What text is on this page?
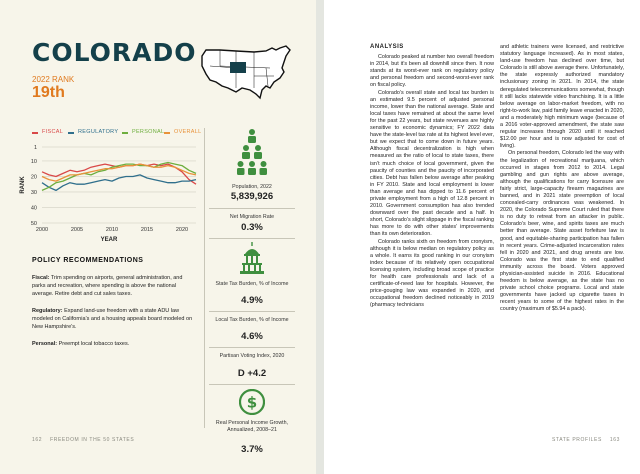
COLORADO
2022 RANK
19th
FISCAL	REGULATORY PERSONAL OVERALL
1
10
20
30
40
50
2000	2005	2010	2015	2020
YEAR
RANK
POLICY RECOMMENDATIONS
Fiscal: Trim spending on airports, general administration, and parks and recreation, where spending is above the national average. Retire debt and cut sales taxes.
Regulatory: Expand land-use freedom with a state ADU law modeled on California’s and a housing appeals board modeled on New Hampshire’s.
Personal: Preempt local tobacco taxes.
Population, 2022
5,839,926
Net Migration Rate
0.3%
State Tax Burden, % of Income
4.9%
Local Tax Burden, % of Income
4.6%
Partisan Voting Index, 2020
D +4.2
$
Real Personal Income Growth, Annualized, 2008–21
3.7%
162 FREEDOM IN THE 50 STATES
ANALYSIS

Colorado peaked at number two overall freedom in 2014, but it’s been all downhill since then. It now stands at its worst-ever rank on regulatory policy and personal freedom and second-worst-ever rank on fiscal policy.

Colorado’s overall state and local tax burden is an estimated 9.5 percent of adjusted personal income, lower than the national average. State and local taxes have remained at about the same level for the past 22 years, but state revenues are highly sensitive to economic dynamics; FY 2022 data have the state-level tax rate at its highest level ever, but we expect that to come down in future years. Although fiscal decentralization is high when measured as the ratio of local to state taxes, there isn’t much choice of local government, given the paucity of counties and the paucity of incorporated cities. Debt has fallen below average after peaking in FY 2010. State and local employment is lower than average and has dipped to 11.6 percent of private employment from a high of 12.8 percent in 2010. Government consumption has also trended downward over the past decade and a half. In short, Colorado’s slight slippage in the fiscal ranking has more to do with other states’ improvements than its own deterioration.

Colorado ranks sixth on freedom from cronyism, although it is below median on regulatory policy as a whole. It earns its good ranking in our cronyism index because of its relatively open occupational licensing system, including broad scope of practice for health care professionals and lack of a certificate-of-need law for hospitals. However, the price-gouging law was expanded in 2020, and occupational freedom declined noticeably in 2019 (pharmacy technicians

and athletic trainers were licensed, and restrictive statutory language increased). As in most states, land-use freedom has declined over time, but Colorado is still above average there. Unfortunately, the state expressly authorized mandatory inclusionary zoning in 2021. In 2014, the state deregulated telecommunications somewhat, though it still lacks statewide video franchising. It is a little below average on labor-market freedom, with no right-to-work law, paid family leave enacted in 2020, and a moderately high minimum wage (because of a 2016 voter-approved amendment, the state saw regular increases through 2020 until it reached $12.00 per hour and is now adjusted for cost of living).

On personal freedom, Colorado led the way with the legalization of recreational marijuana, which occurred in stages from 2012 to 2014. Legal gambling and gun rights are above average, although the qualifications for carry licensure are fairly strict, large-capacity firearm magazines are banned, and in 2021 state preemption of local concealed-carry ordinances was weakened. In 2020, the Colorado Supreme Court ruled that there is no duty to retreat from an attacker in public. Colorado’s beer, wine, and spirits taxes are much better than average. State asset forfeiture law is good, and equitable-sharing participation has fallen in recent years. Crime-adjusted incarceration rates fell in 2020 and 2021, and drug arrests are low. Colorado was the first state to end qualified immunity across the board. Voters approved physician-assisted suicide in 2016. Educational freedom is below average, as the state has no private school choice programs. Local and state governments have jacked up cigarette taxes in recent years to some of the highest rates in the country (maximum of $5.94 a pack).

STATE PROFILES 163
